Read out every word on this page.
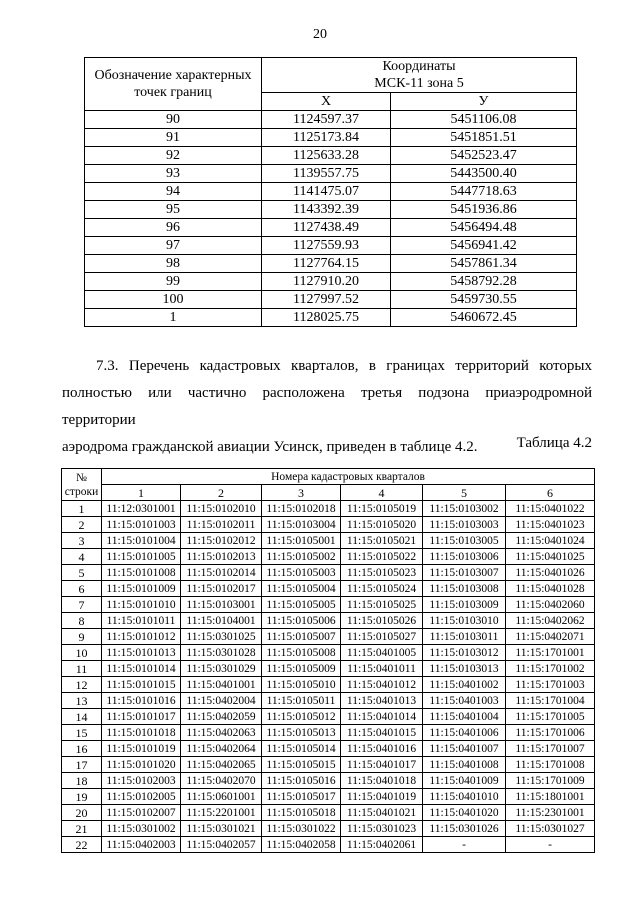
20
Обозначение характерных точек границ	Координаты
МСК-11 зона 5	

	X	У
90	1124597.37	5451106.08
91	1125173.84	5451851.51
92	1125633.28	5452523.47
93	1139557.75	5443500.40
94	1141475.07	5447718.63
95	1143392.39	5451936.86
96	1127438.49	5456494.48
97	1127559.93	5456941.42
98	1127764.15	5457861.34
99	1127910.20	5458792.28
100	1127997.52	5459730.55
1	1128025.75	5460672.45
7.3. Перечень кадастровых кварталов, в границах территорий которых
полностью или частично расположена третья подзона приаэродромной территории
аэродрома гражданской авиации Усинск, приведен в таблице 4.2.	Таблица 4.2
№
строки	Номера кадастровых кварталов					
	1	2	3	4	5	6
1	11:12:0301001	11:15:0102010	11:15:0102018	11:15:0105019	11:15:0103002	11:15:0401022
2	11:15:0101003	11:15:0102011	11:15:0103004	11:15:0105020	11:15:0103003	11:15:0401023
3	11:15:0101004	11:15:0102012	11:15:0105001	11:15:0105021	11:15:0103005	11:15:0401024
4	11:15:0101005	11:15:0102013	11:15:0105002	11:15:0105022	11:15:0103006	11:15:0401025
5	11:15:0101008	11:15:0102014	11:15:0105003	11:15:0105023	11:15:0103007	11:15:0401026
6	11:15:0101009	11:15:0102017	11:15:0105004	11:15:0105024	11:15:0103008	11:15:0401028
7	11:15:0101010	11:15:0103001	11:15:0105005	11:15:0105025	11:15:0103009	11:15:0402060
8	11:15:0101011	11:15:0104001	11:15:0105006	11:15:0105026	11:15:0103010	11:15:0402062
9	11:15:0101012	11:15:0301025	11:15:0105007	11:15:0105027	11:15:0103011	11:15:0402071
10	11:15:0101013	11:15:0301028	11:15:0105008	11:15:0401005	11:15:0103012	11:15:1701001
11	11:15:0101014	11:15:0301029	11:15:0105009	11:15:0401011	11:15:0103013	11:15:1701002
12	11:15:0101015	11:15:0401001	11:15:0105010	11:15:0401012	11:15:0401002	11:15:1701003
13	11:15:0101016	11:15:0402004	11:15:0105011	11:15:0401013	11:15:0401003	11:15:1701004
14	11:15:0101017	11:15:0402059	11:15:0105012	11:15:0401014	11:15:0401004	11:15:1701005
15	11:15:0101018	11:15:0402063	11:15:0105013	11:15:0401015	11:15:0401006	11:15:1701006
16	11:15:0101019	11:15:0402064	11:15:0105014	11:15:0401016	11:15:0401007	11:15:1701007
17	11:15:0101020	11:15:0402065	11:15:0105015	11:15:0401017	11:15:0401008	11:15:1701008
18	11:15:0102003	11:15:0402070	11:15:0105016	11:15:0401018	11:15:0401009	11:15:1701009
19	11:15:0102005	11:15:0601001	11:15:0105017	11:15:0401019	11:15:0401010	11:15:1801001
20	11:15:0102007	11:15:2201001	11:15:0105018	11:15:0401021	11:15:0401020	11:15:2301001
21	11:15:0301002	11:15:0301021	11:15:0301022	11:15:0301023	11:15:0301026	11:15:0301027
22	11:15:0402003	11:15:0402057	11:15:0402058	11:15:0402061	-	-
